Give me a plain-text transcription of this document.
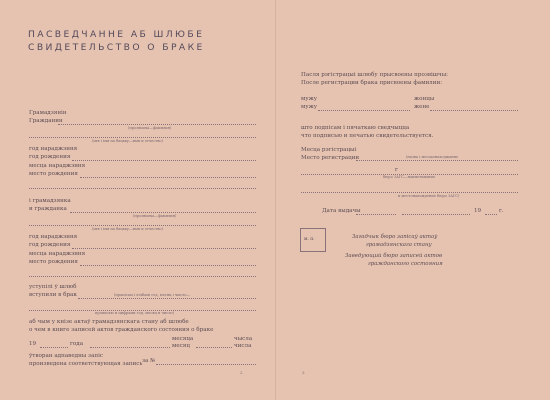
ПАСВЕДЧАННЕ АБ ШЛЮБЕ
СВИДЕТЕЛЬСТВО О БРАКЕ
Грамадзянін
Гражданин
(прозвішча—фамилия)
(імя і імя па бацьку—имя и отчество)
год нараджэння
год рождения
месца нараджэння
место рождения
і грамадзянка
и гражданка
(прозвішча—фамилия)
(імя і імя па бацьку—имя и отчество)
год нараджэння
год рождения
месца нараджэння
место рождения
уступілі ў шлюб
вступили в брак	(прапісам і лічбамі год, месяц і чысло—
прописью и цифрами год, месяц и число)
аб чым у кнізе актаў грамадзянскага стану аб шлюбе
о чем в книге записей актов гражданского состояния о браке
19	года
месяца
месяц
чысла
числа
ўтворан адпаведны запіс
произведена соответствующая запись за №
2
Пасля рэгістрацыі шлюбу прысвоены прозвішчы:
После регистрации брака присвоены фамилии:
мужу
мужу
жонцы
жене
што подпісам і пячаткаю сведчыцца
что подписью и печатью свидетельствуется.
Месца рэгістрацыі
Место регистрации	(назва і месцазнаходжанне
г
бюро ЗАГС—наименование
и местонахождение бюро ЗАГС)
Дата выдачы	19	г.
м. п.	Загадчык бюро запісаў актаў
грамадзянскага стану
Заведующий бюро записей актов
гражданского состояния
3
